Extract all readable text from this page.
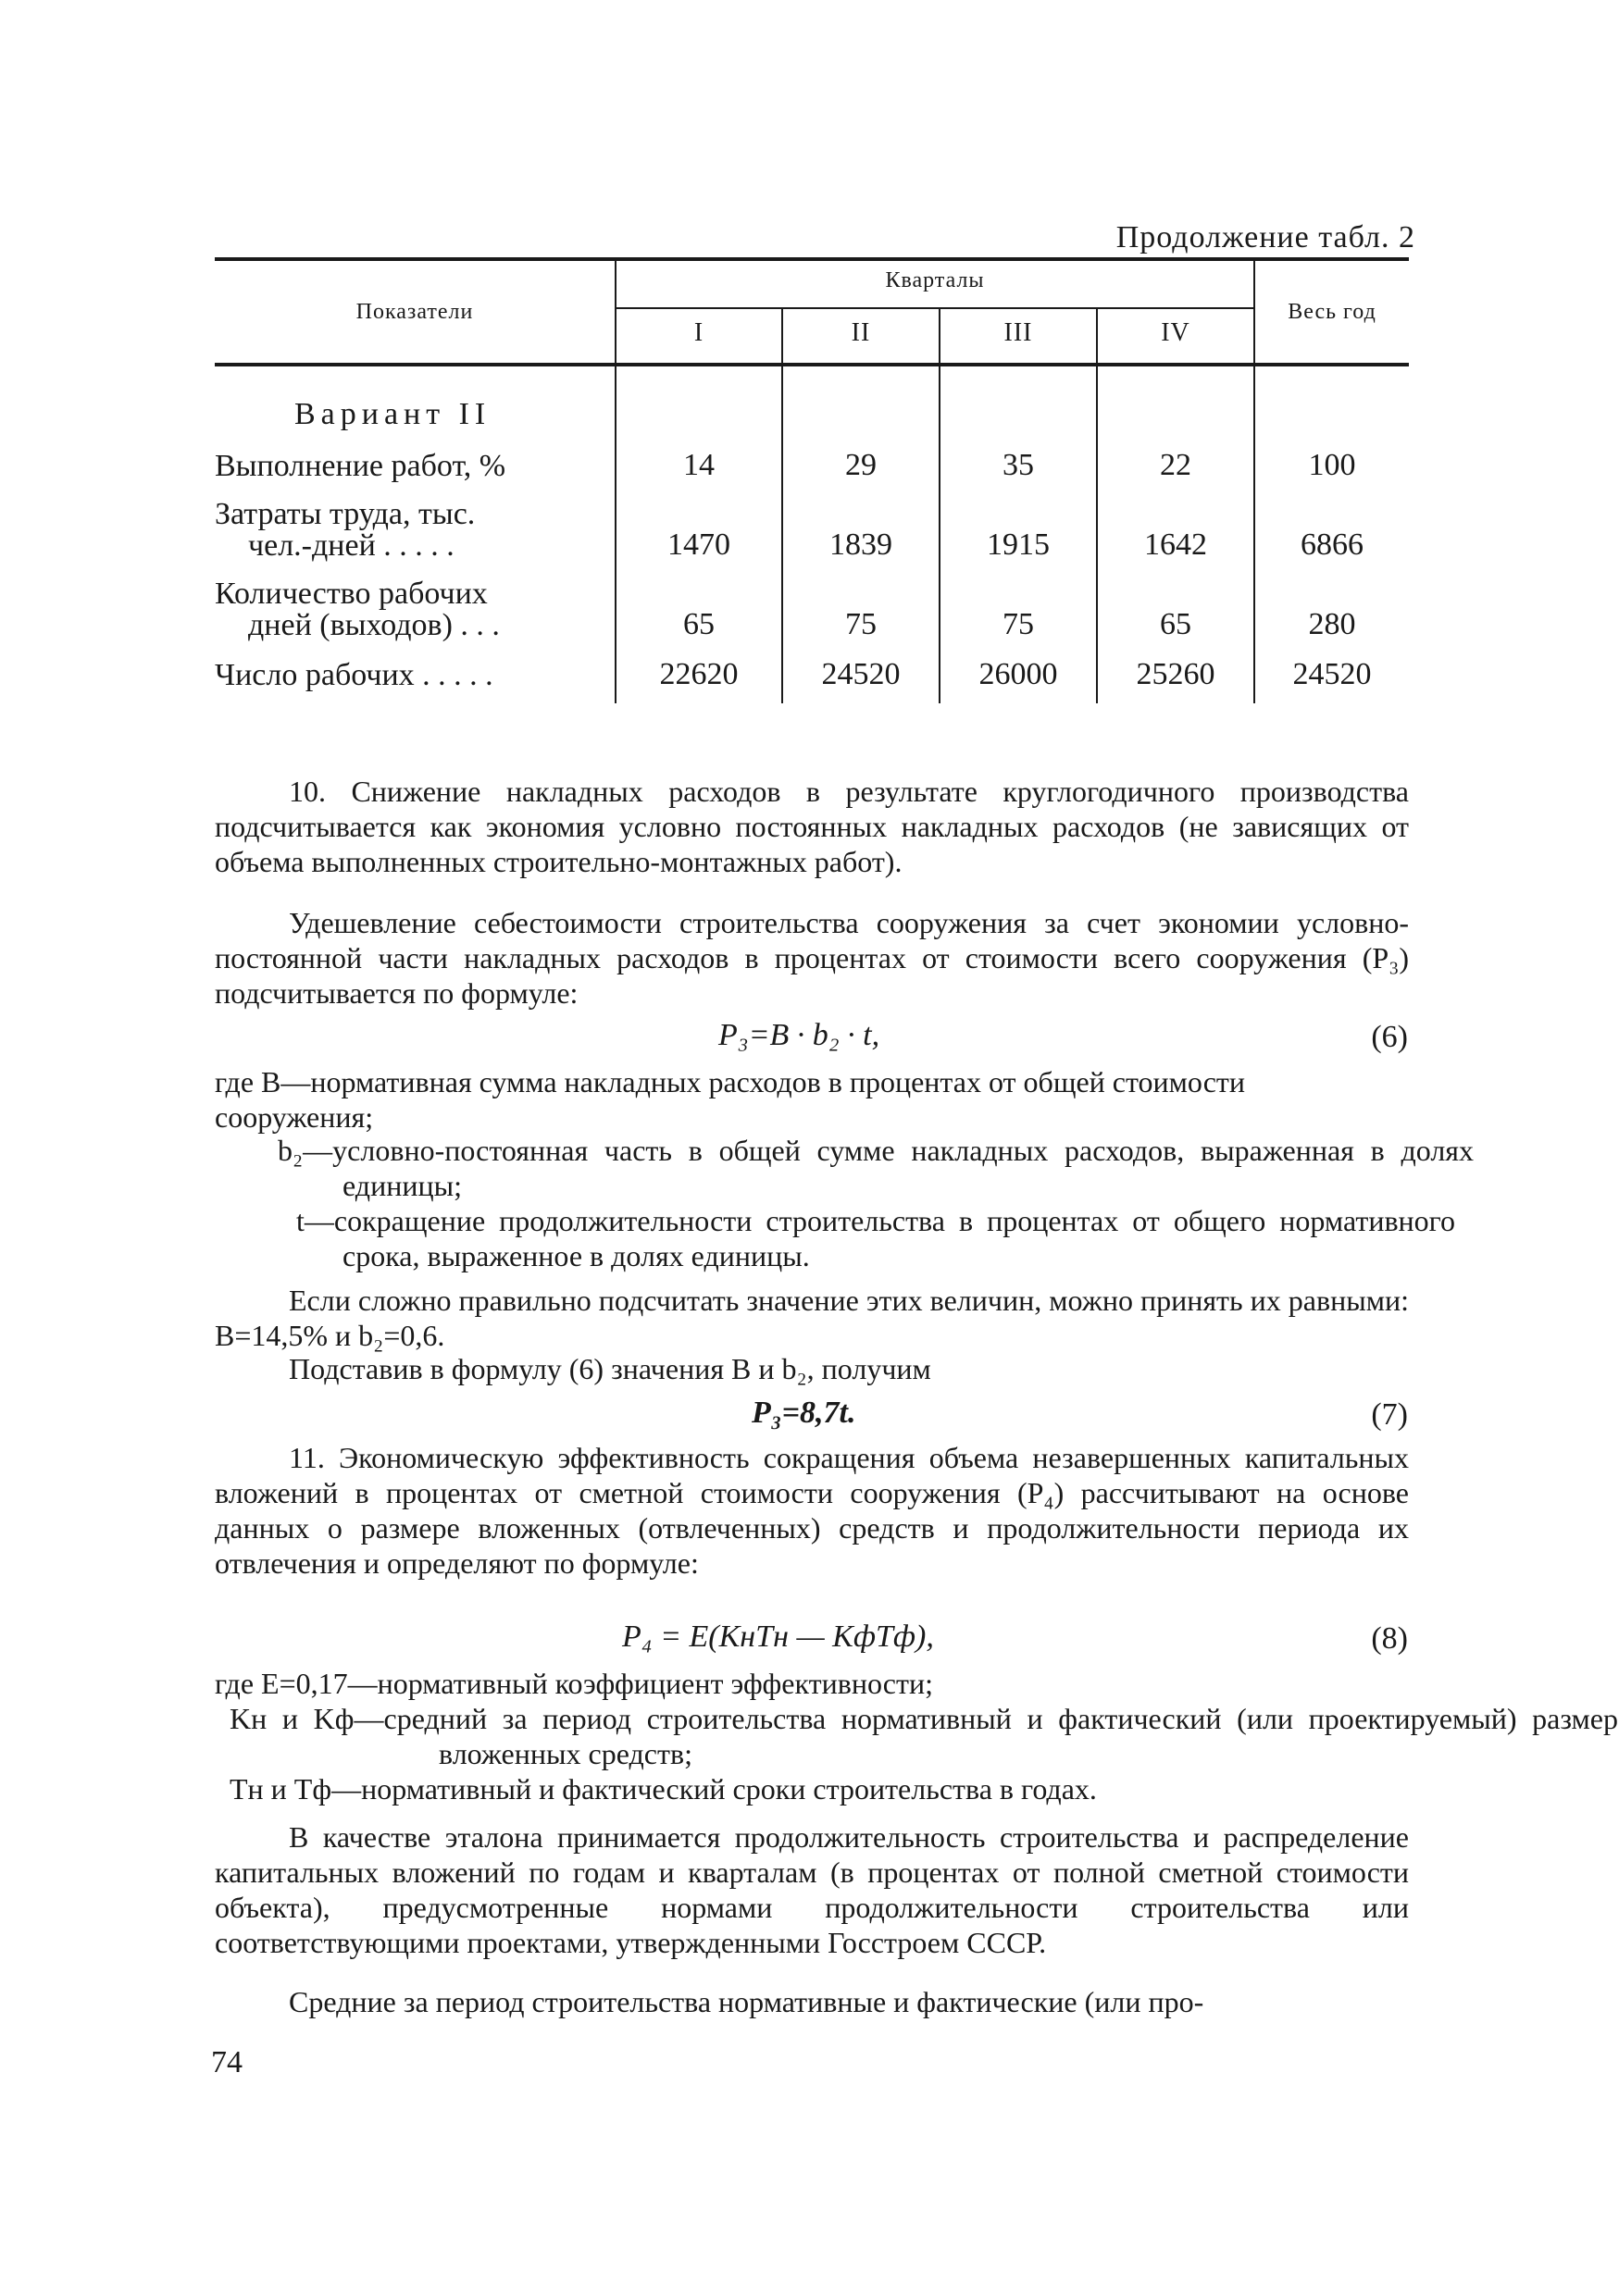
Продолжение табл. 2
Показатели
Кварталы
I	II	III	IV
Весь год
Вариант II
Выполнение работ, %	14	29	35	22	100
Затраты труда, тыс.
чел.-дней . . . . .	1470	1839	1915	1642	6866
Количество рабочих
дней (выходов) . . .	65	75	75	65	280
Число рабочих . . . . .	22620	24520	26000	25260	24520
10. Снижение накладных расходов в результате круглогодичного производства подсчитывается как экономия условно постоянных накладных расходов (не зависящих от объема выполненных строительно-монтажных работ).
Удешевление себестоимости строительства сооружения за счет экономии условно-постоянной части накладных расходов в процентах от стоимости всего сооружения (P₃) подсчитывается по формуле:
P₃=B · b₂ · t,	(6)
где B—нормативная сумма накладных расходов в процентах от общей стоимости сооружения;
b₂—условно-постоянная часть в общей сумме накладных расходов, выраженная в долях единицы;
t—сокращение продолжительности строительства в процентах от общего нормативного срока, выраженное в долях единицы.
Если сложно правильно подсчитать значение этих величин, можно принять их равными: B=14,5% и b₂=0,6.
Подставив в формулу (6) значения B и b₂, получим
P₃=8,7t.	(7)
11. Экономическую эффективность сокращения объема незавершенных капитальных вложений в процентах от сметной стоимости сооружения (P₄) рассчитывают на основе данных о размере вложенных (отвлеченных) средств и продолжительности периода их отвлечения и определяют по формуле:
P₄ = E(KнTн — KфTф),	(8)
где E=0,17—нормативный коэффициент эффективности;
Kн и Kф—средний за период строительства нормативный и фактический (или проектируемый) размер вложенных средств;
Tн и Tф—нормативный и фактический сроки строительства в годах.
В качестве эталона принимается продолжительность строительства и распределение капитальных вложений по годам и кварталам (в процентах от полной сметной стоимости объекта), предусмотренные нормами продолжительности строительства или соответствующими проектами, утвержденными Госстроем СССР.
Средние за период строительства нормативные и фактические (или про-
74
